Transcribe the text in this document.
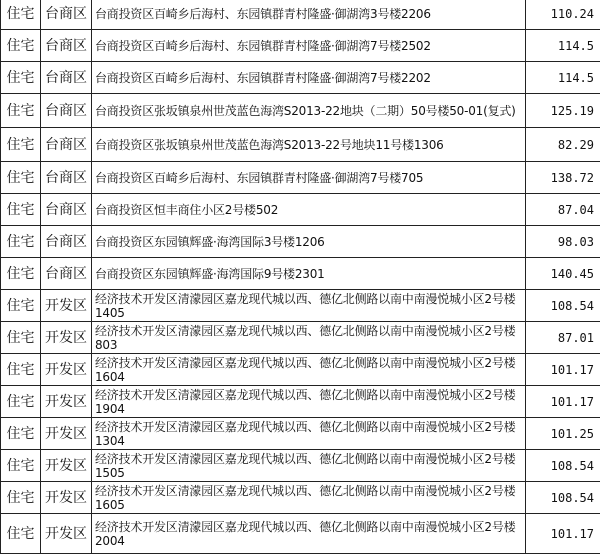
住宅	台商区	台商投资区百崎乡后海村、东园镇群青村隆盛·御湖湾3号楼2206	110.24
住宅	台商区	台商投资区百崎乡后海村、东园镇群青村隆盛·御湖湾7号楼2502	114.5
住宅	台商区	台商投资区百崎乡后海村、东园镇群青村隆盛·御湖湾7号楼2202	114.5
住宅	台商区	台商投资区张坂镇泉州世茂蓝色海湾S2013-22地块（二期）50号楼50-01(复式)	125.19
住宅	台商区	台商投资区张坂镇泉州世茂蓝色海湾S2013-22号地块11号楼1306	82.29
住宅	台商区	台商投资区百崎乡后海村、东园镇群青村隆盛·御湖湾7号楼705	138.72
住宅	台商区	台商投资区恒丰商住小区2号楼502	87.04
住宅	台商区	台商投资区东园镇辉盛·海湾国际3号楼1206	98.03
住宅	台商区	台商投资区东园镇辉盛·海湾国际9号楼2301	140.45
住宅	开发区	经济技术开发区清濛园区嘉龙现代城以西、德亿北侧路以南中南漫悦城小区2号楼1405	108.54
住宅	开发区	经济技术开发区清濛园区嘉龙现代城以西、德亿北侧路以南中南漫悦城小区2号楼803	87.01
住宅	开发区	经济技术开发区清濛园区嘉龙现代城以西、德亿北侧路以南中南漫悦城小区2号楼1604	101.17
住宅	开发区	经济技术开发区清濛园区嘉龙现代城以西、德亿北侧路以南中南漫悦城小区2号楼1904	101.17
住宅	开发区	经济技术开发区清濛园区嘉龙现代城以西、德亿北侧路以南中南漫悦城小区2号楼1304	101.25
住宅	开发区	经济技术开发区清濛园区嘉龙现代城以西、德亿北侧路以南中南漫悦城小区2号楼1505	108.54
住宅	开发区	经济技术开发区清濛园区嘉龙现代城以西、德亿北侧路以南中南漫悦城小区2号楼1605	108.54
住宅	开发区	经济技术开发区清濛园区嘉龙现代城以西、德亿北侧路以南中南漫悦城小区2号楼2004	101.17
